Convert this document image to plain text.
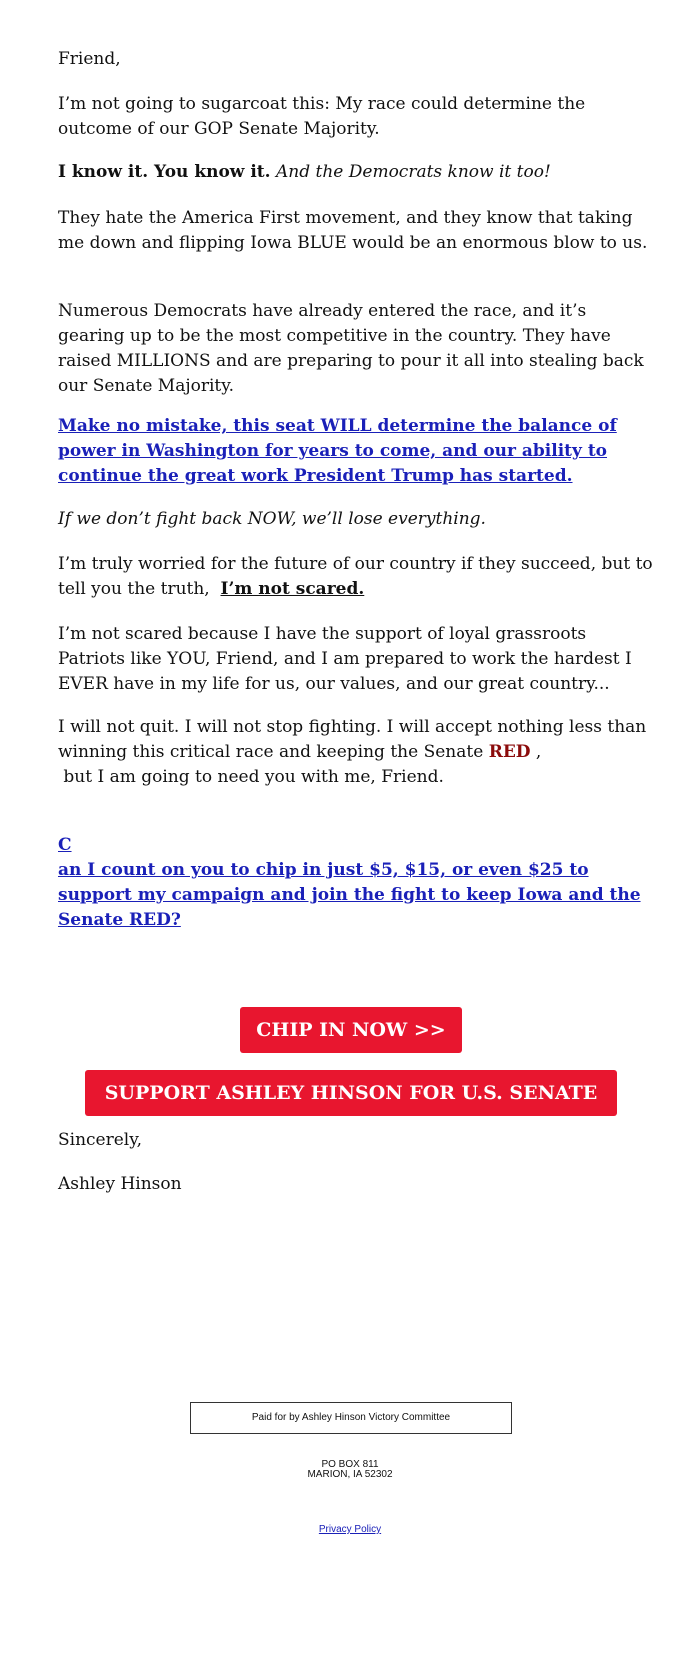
Friend,

I’m not going to sugarcoat this: My race could determine the outcome of our GOP Senate Majority.

I know it. You know it. And the Democrats know it too!

They hate the America First movement, and they know that taking me down and flipping Iowa BLUE would be an enormous blow to us.

Numerous Democrats have already entered the race, and it’s gearing up to be the most competitive in the country. They have raised MILLIONS and are preparing to pour it all into stealing back our Senate Majority.

Make no mistake, this seat WILL determine the balance of power in Washington for years to come, and our ability to continue the great work President Trump has started.

If we don’t fight back NOW, we’ll lose everything.

I’m truly worried for the future of our country if they succeed, but to tell you the truth, I’m not scared.

I’m not scared because I have the support of loyal grassroots Patriots like YOU, Friend, and I am prepared to work the hardest I EVER have in my life for us, our values, and our great country...

I will not quit. I will not stop fighting. I will accept nothing less than winning this critical race and keeping the Senate RED ,
but I am going to need you with me, Friend.

C
an I count on you to chip in just $5, $15, or even $25 to support my campaign and join the fight to keep Iowa and the Senate RED?

CHIP IN NOW >>
SUPPORT ASHLEY HINSON FOR U.S. SENATE

Sincerely,

Ashley Hinson

Paid for by Ashley Hinson Victory Committee
PO BOX 811
MARION, IA 52302
Privacy Policy
